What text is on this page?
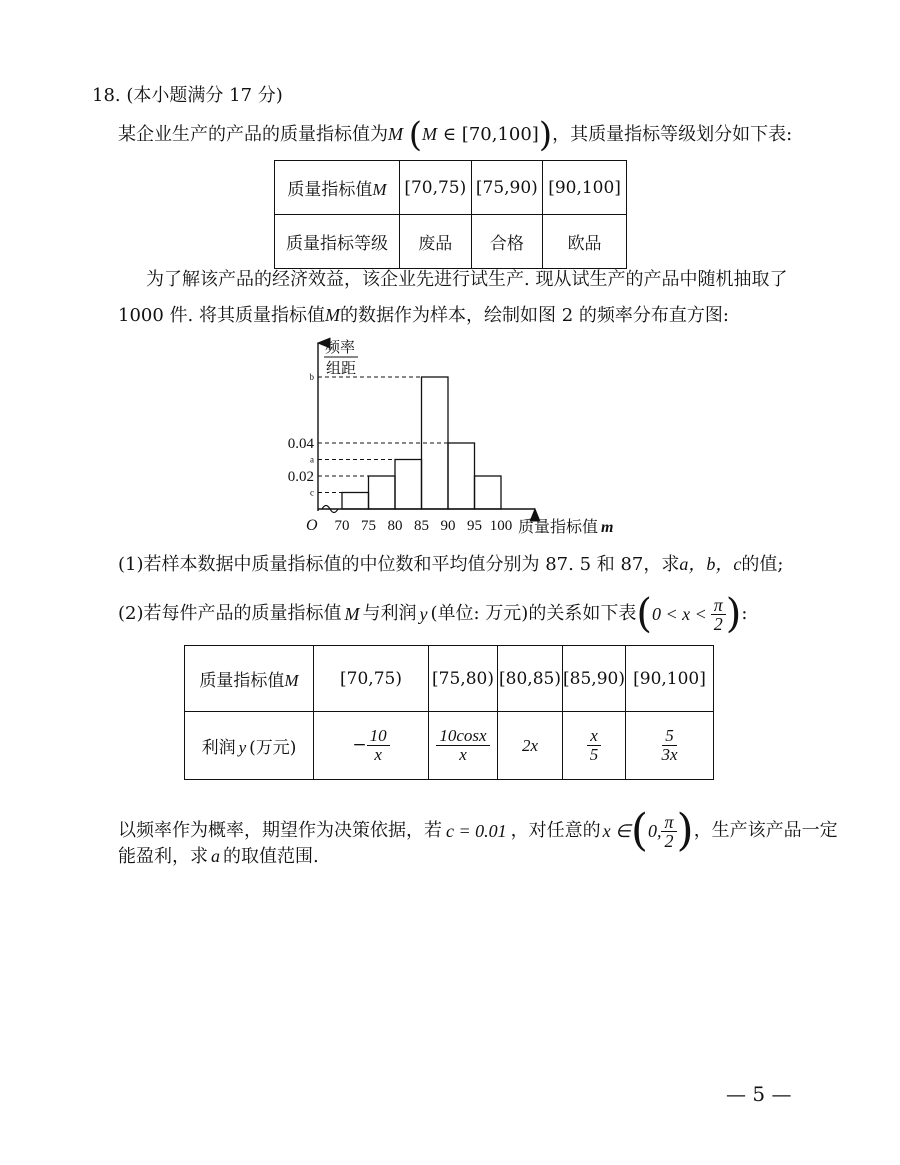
18. (本小题满分 17 分)
某企业生产的产品的质量指标值为M (M ∈ [70,100])，其质量指标等级划分如下表:
质量指标值M	[70,75)	[75,90)	[90,100]
质量指标等级	废品	合格	欧品
为了解该产品的经济效益，该企业先进行试生产. 现从试生产的产品中随机抽取了
1000 件. 将其质量指标值M的数据作为样本，绘制如图 2 的频率分布直方图:
c
0.02
a
0.04
b
70 75 80 85 90 95 100
O	质量指标值 m
频率
组距
(1)若样本数据中质量指标值的中位数和平均值分别为 87. 5 和 87，求a，b，c的值;
(2)若每件产品的质量指标值 M 与利润 y (单位: 万元)的关系如下表 ( $0 < x < \frac{\pi}{2}$ ) :
质量指标值M	[70,75)	[75,80)	[80,85)	[85,90)	[90,100]
利润 y (万元)	− $\frac{10}{x}$	$\frac{10\cos x}{x}$	2x	$\frac{x}{5}$	$\frac{5}{3x}$
以频率作为概率，期望作为决策依据，若 c = 0.01 ，对任意的 x ∈ ( 0, $\frac{\pi}{2}$ ) ，生产该产品一定
能盈利，求 a 的取值范围.
— 5 —
